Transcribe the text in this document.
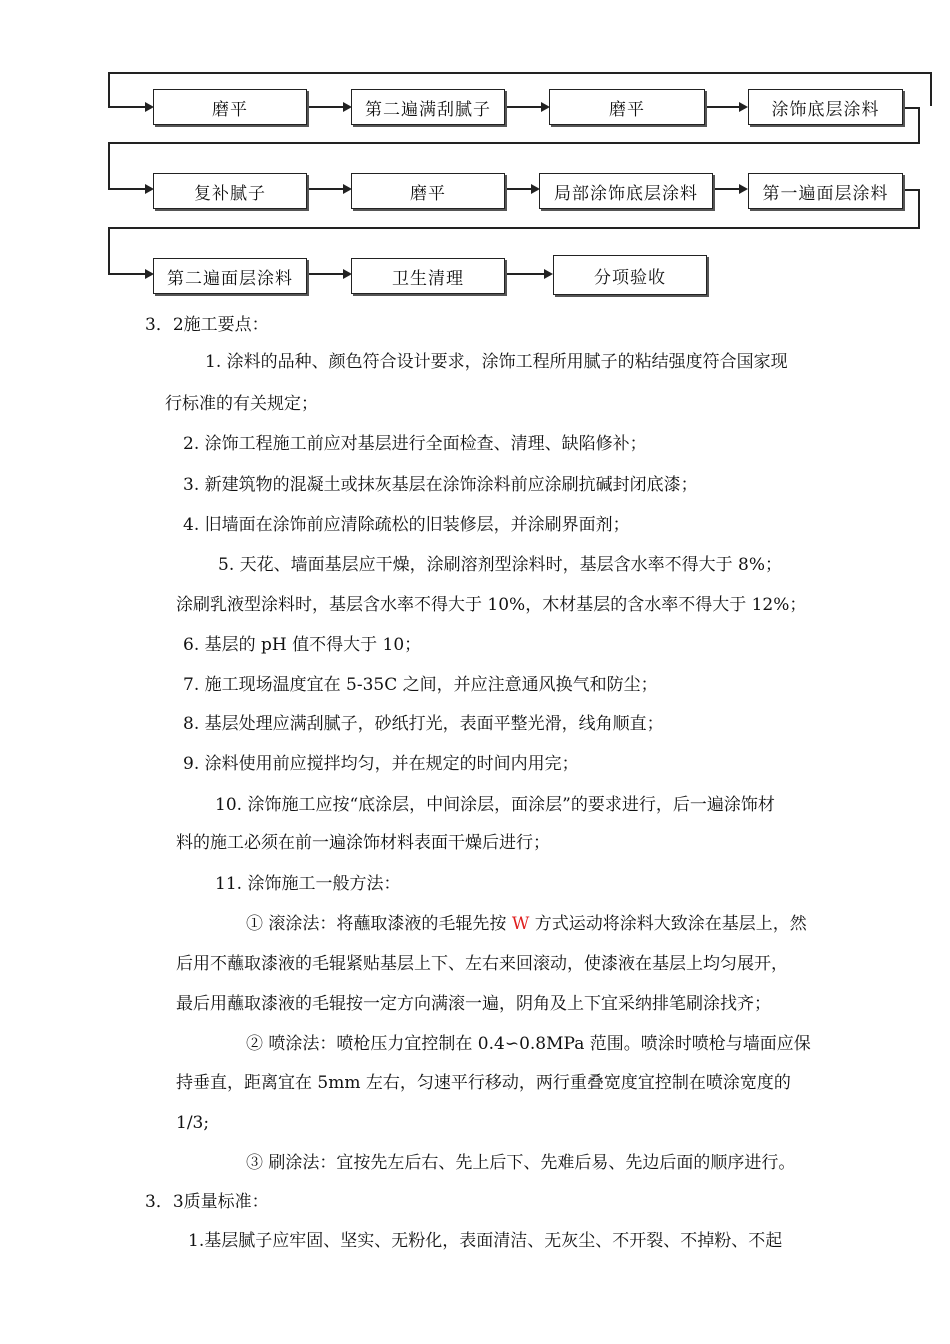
磨平	第二遍满刮腻子	磨平	涂饰底层涂料
复补腻子	磨平	局部涂饰底层涂料	第一遍面层涂料
第二遍面层涂料	卫生清理	分项验收
3．2施工要点：
1. 涂料的品种、颜色符合设计要求，涂饰工程所用腻子的粘结强度符合国家现
行标准的有关规定；
2. 涂饰工程施工前应对基层进行全面检查、清理、缺陷修补；
3. 新建筑物的混凝土或抹灰基层在涂饰涂料前应涂刷抗碱封闭底漆；
4. 旧墙面在涂饰前应清除疏松的旧装修层，并涂刷界面剂；
5. 天花、墙面基层应干燥，涂刷溶剂型涂料时，基层含水率不得大于 8%；
涂刷乳液型涂料时，基层含水率不得大于 10%，木材基层的含水率不得大于 12%；
6. 基层的 pH 值不得大于 10；
7. 施工现场温度宜在 5-35C 之间，并应注意通风换气和防尘；
8. 基层处理应满刮腻子，砂纸打光，表面平整光滑，线角顺直；
9. 涂料使用前应搅拌均匀，并在规定的时间内用完；
10. 涂饰施工应按“底涂层，中间涂层，面涂层”的要求进行，后一遍涂饰材
料的施工必须在前一遍涂饰材料表面干燥后进行；
11. 涂饰施工一般方法：
① 滚涂法：将蘸取漆液的毛辊先按 W 方式运动将涂料大致涂在基层上，然
后用不蘸取漆液的毛辊紧贴基层上下、左右来回滚动，使漆液在基层上均匀展开，
最后用蘸取漆液的毛辊按一定方向满滚一遍，阴角及上下宜采纳排笔刷涂找齐；
② 喷涂法：喷枪压力宜控制在 0.4∽0.8MPa 范围。喷涂时喷枪与墙面应保
持垂直，距离宜在 5mm 左右，匀速平行移动，两行重叠宽度宜控制在喷涂宽度的
1/3;
③ 刷涂法：宜按先左后右、先上后下、先难后易、先边后面的顺序进行。
3．3质量标准：
1.基层腻子应牢固、坚实、无粉化，表面清洁、无灰尘、不开裂、不掉粉、不起
